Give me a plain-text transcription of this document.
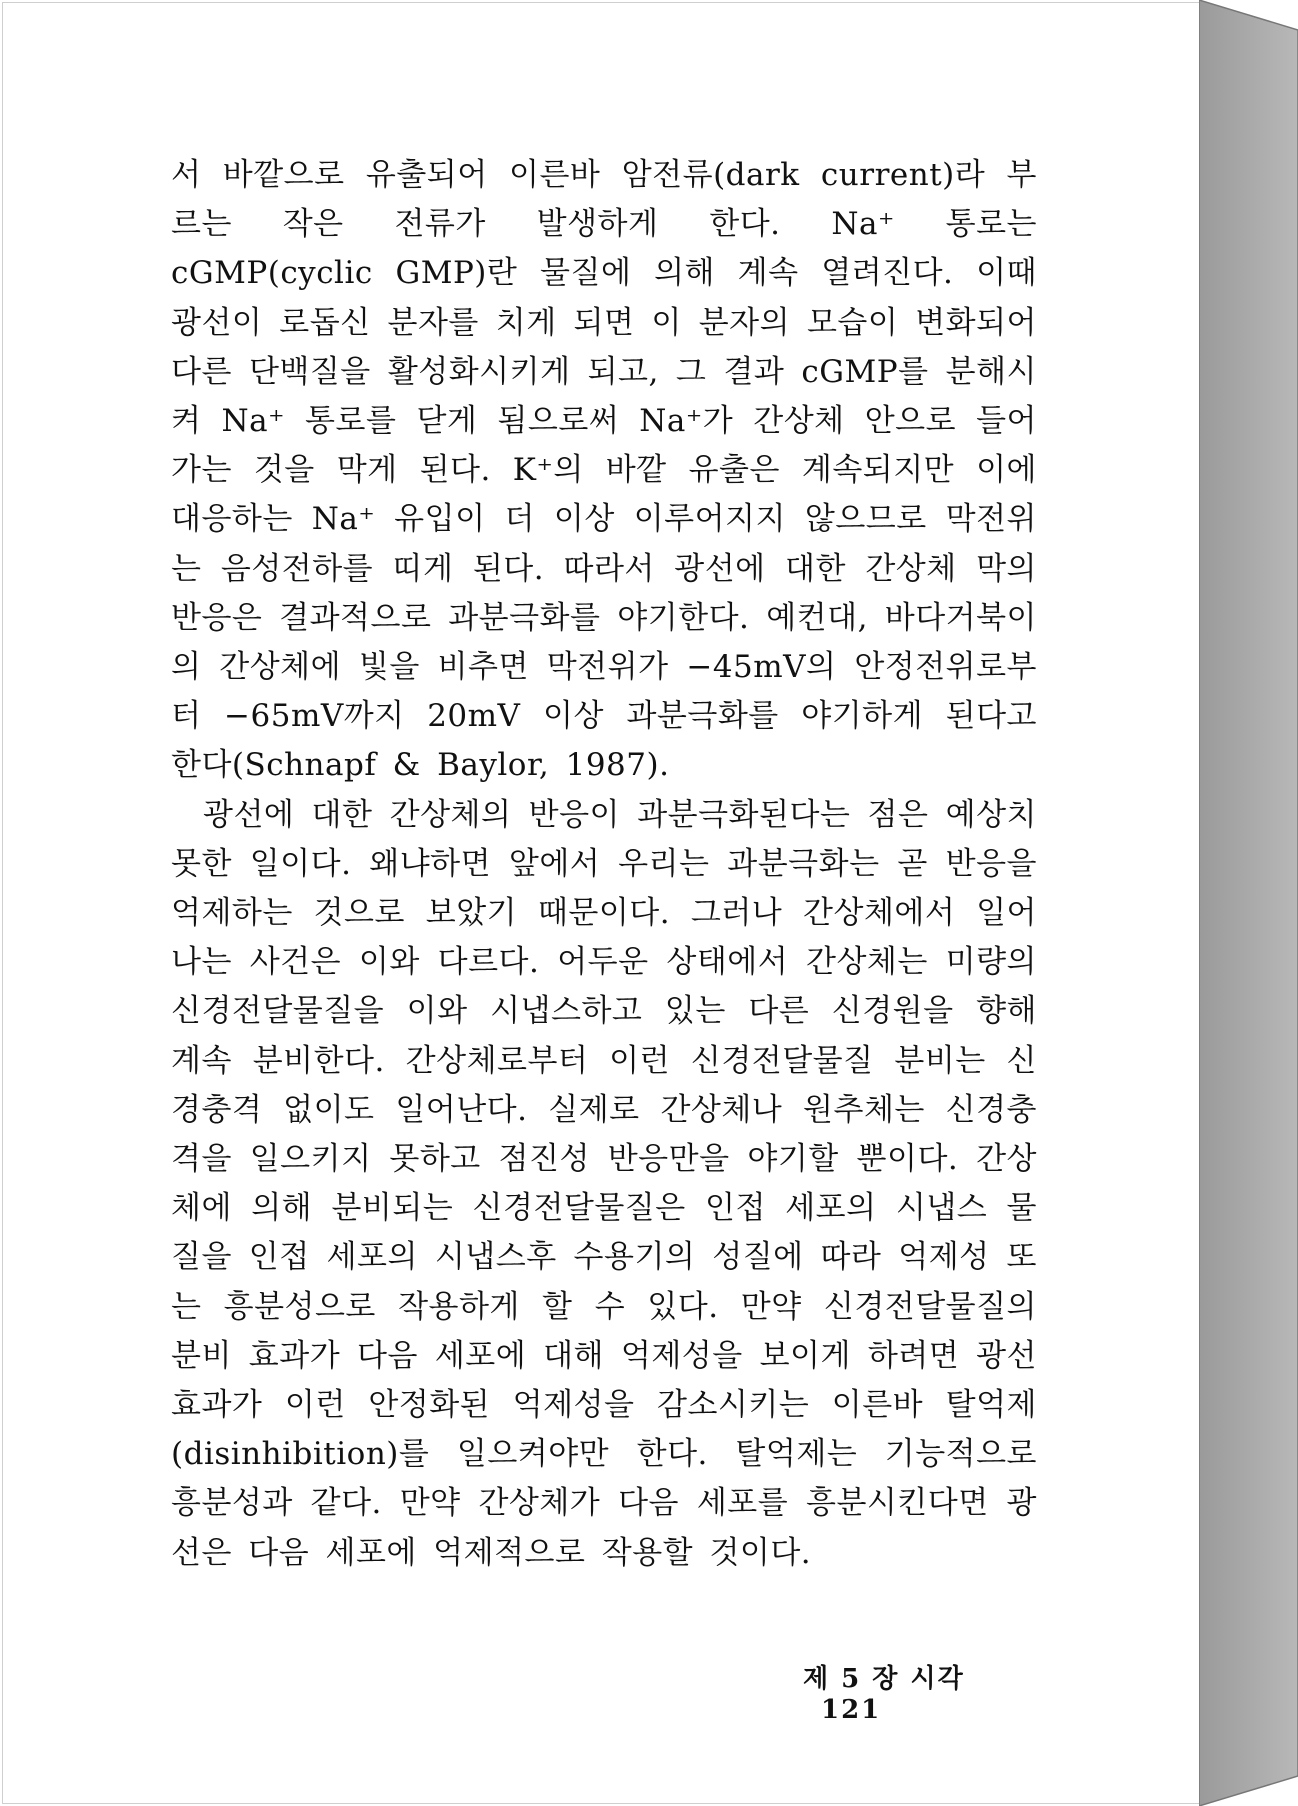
서 바깥으로 유출되어 이른바 암전류(dark current)라 부르는 작은 전류가 발생하게 한다. Na⁺ 통로는 cGMP(cyclic GMP)란 물질에 의해 계속 열려진다. 이때 광선이 로돕신 분자를 치게 되면 이 분자의 모습이 변화되어 다른 단백질을 활성화시키게 되고, 그 결과 cGMP를 분해시켜 Na⁺ 통로를 닫게 됨으로써 Na⁺가 간상체 안으로 들어가는 것을 막게 된다. K⁺의 바깥 유출은 계속되지만 이에 대응하는 Na⁺ 유입이 더 이상 이루어지지 않으므로 막전위는 음성전하를 띠게 된다. 따라서 광선에 대한 간상체 막의 반응은 결과적으로 과분극화를 야기한다. 예컨대, 바다거북이의 간상체에 빛을 비추면 막전위가 −45mV의 안정전위로부터 −65mV까지 20mV 이상 과분극화를 야기하게 된다고 한다(Schnapf & Baylor, 1987).

광선에 대한 간상체의 반응이 과분극화된다는 점은 예상치 못한 일이다. 왜냐하면 앞에서 우리는 과분극화는 곧 반응을 억제하는 것으로 보았기 때문이다. 그러나 간상체에서 일어나는 사건은 이와 다르다. 어두운 상태에서 간상체는 미량의 신경전달물질을 이와 시냅스하고 있는 다른 신경원을 향해 계속 분비한다. 간상체로부터 이런 신경전달물질 분비는 신경충격 없이도 일어난다. 실제로 간상체나 원추체는 신경충격을 일으키지 못하고 점진성 반응만을 야기할 뿐이다. 간상체에 의해 분비되는 신경전달물질은 인접 세포의 시냅스 물질을 인접 세포의 시냅스후 수용기의 성질에 따라 억제성 또는 흥분성으로 작용하게 할 수 있다. 만약 신경전달물질의 분비 효과가 다음 세포에 대해 억제성을 보이게 하려면 광선효과가 이런 안정화된 억제성을 감소시키는 이른바 탈억제(disinhibition)를 일으켜야만 한다. 탈억제는 기능적으로 흥분성과 같다. 만약 간상체가 다음 세포를 흥분시킨다면 광선은 다음 세포에 억제적으로 작용할 것이다.

제 5 장 시각121
